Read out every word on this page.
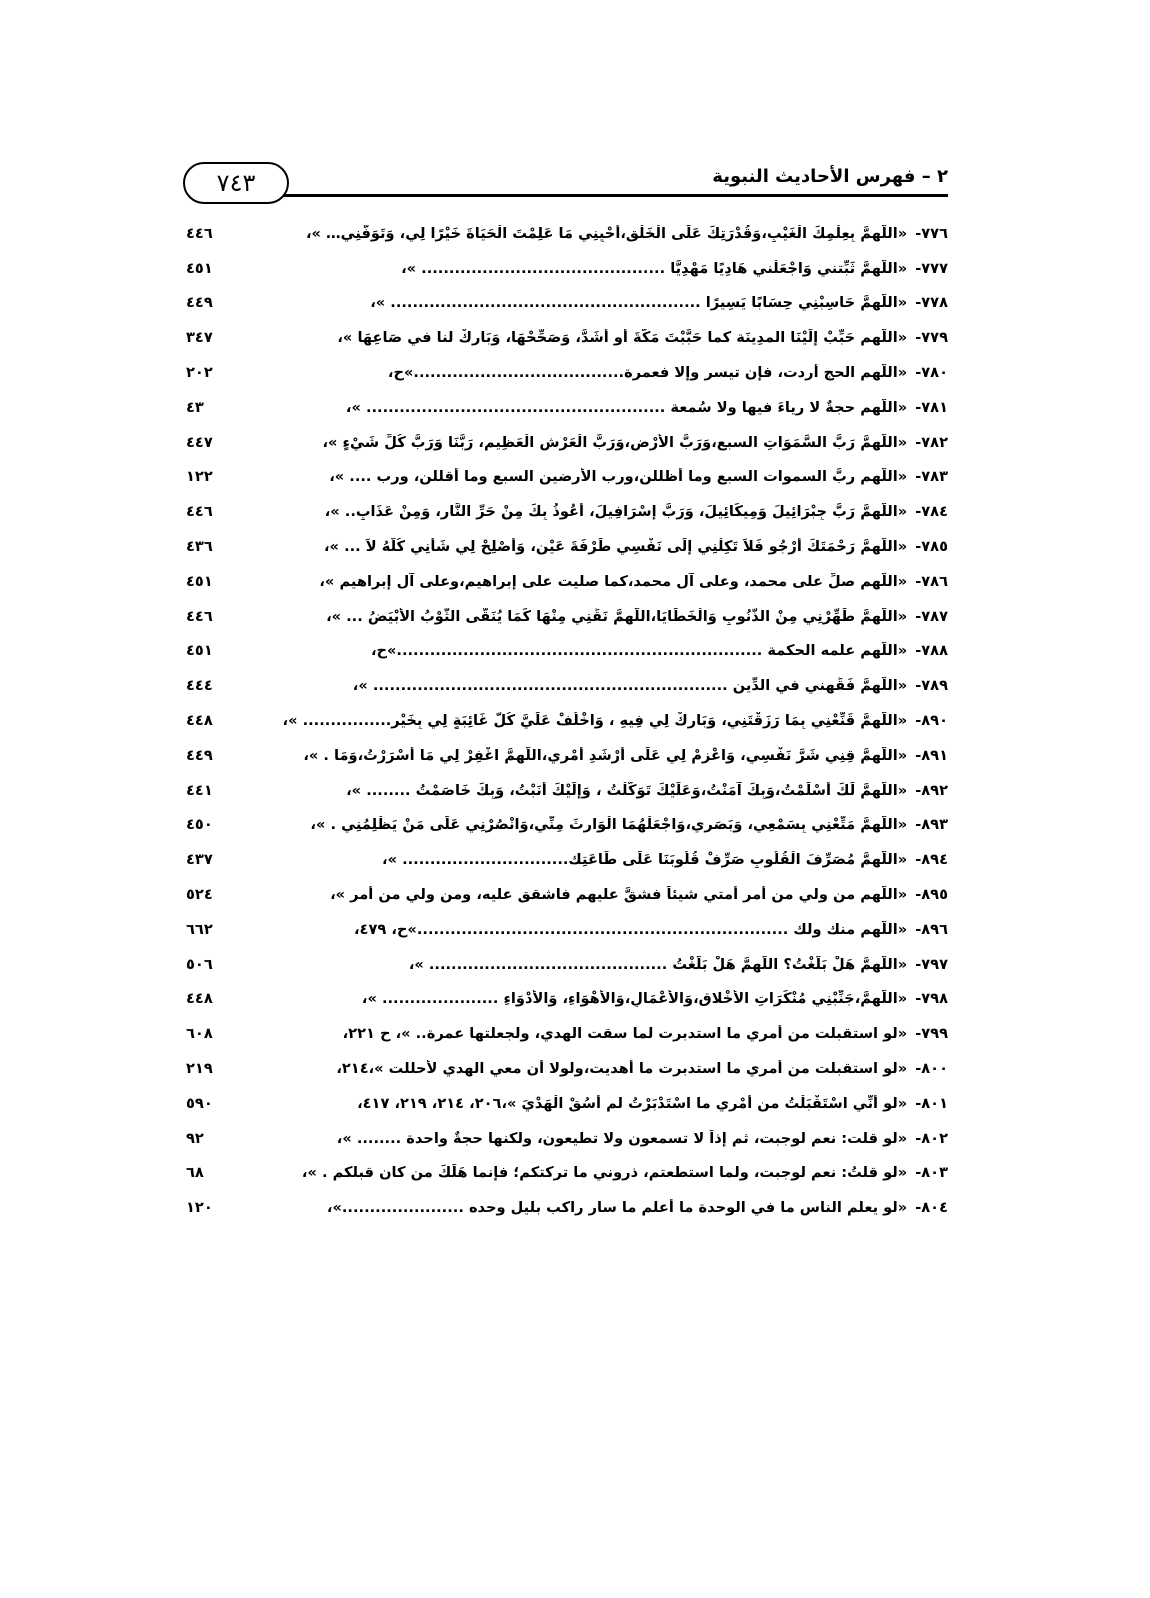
٢ – فهرس الأحاديث النبوية
٧٤٣
٧٧٦-
«اللَّهمَّ بِعِلْمِكَ الْغَيْبِ،وَقُدْرَتِكَ عَلَى الْخَلْقِ،أَحْيِنِي مَا عَلِمْتَ الْحَيَاةَ خَيْرًا لِي، وَتَوَفَّنِي… »،
٤٤٦
٧٧٧-
«اللَّهمَّ ثَبِّتني وَاجْعَلْني هَادِيًا مَهْدِيًّا ............................................ »،
٤٥١
٧٧٨-
«اللَّهمَّ حَاسِبْنِي حِسَابًا يَسِيرًا ........................................................ »،
٤٤٩
٧٧٩-
«اللَّهم حَبِّبْ إِلَيْنَا المدِينَة كما حَبَّبْتَ مَكَّةَ أو أَشَدَّ، وَصَحِّحْهَا، وَبَارِكْ لنا في صَاعِهَا »،
٣٤٧
٧٨٠-
«اللَّهم الحج أردت، فإن تيسر وإلا فعمرة......................................»ح،
٢٠٢
٧٨١-
«اللَّهم حجةٌ لا رياءَ فيها ولا سُمعة ...................................................... »،
٤٣
٧٨٢-
«اللَّهمَّ رَبَّ السَّمَوَاتِ السبع،وَرَبَّ الأَرْضِ،وَرَبَّ الْعَرْشِ الْعَظِيمِ، رَبَّنَا وَرَبَّ كُلِّ شَيْءٍ »،
٤٤٧
٧٨٣-
«اللَّهم ربَّ السموات السبع وما أظللن،ورب الأرضين السبع وما أقللن، ورب .... »،
١٢٢
٧٨٤-
«اللَّهمَّ رَبَّ جِبْرَائِيلَ وَمِيكَائِيلَ، وَرَبَّ إِسْرَافِيلَ، أَعُوذُ بِكَ مِنْ حَرِّ النَّارِ، وَمِنْ عَذَابِ.. »،
٤٤٦
٧٨٥-
«اللَّهمَّ رَحْمَتَكَ أَرْجُو فَلاَ تَكِلْنِي إِلَى نَفْسِي طَرْفَةَ عَيْنٍ، وَأَصْلِحْ لِي شَأْنِي كُلَّهُ لاَ ... »،
٤٣٦
٧٨٦-
«اللَّهم صلِّ على محمد، وعلى آل محمد،كما صليت على إبراهيم،وعلى آل إبراهيم »،
٤٥١
٧٨٧-
«اللَّهمَّ طَهِّرْنِي مِنْ الذُّنُوبِ وَالْخَطَايَا،اللَّهمَّ نَقِّنِي مِنْهَا كَمَا يُنَقَّى الثَّوْبُ الأَبْيَضُ ... »،
٤٤٦
٧٨٨-
«اللَّهم علمه الحكمة ..................................................................»ح،
٤٥١
٧٨٩-
«اللَّهمَّ فَقِّهني في الدِّينِ ................................................................ »،
٤٤٤
٨٩٠-
«اللَّهمَّ قَنِّعْنِي بِمَا رَزَقْتَنِي، وَبَارِكْ لِي فِيهِ ، وَاخْلُفْ عَلَيَّ كُلَّ غَائِبَةٍ لِي بِخَيْرٍ................ »،
٤٤٨
٨٩١-
«اللَّهمَّ قِنِي شَرَّ نَفْسِي، وَاعْزِمْ لِي عَلَى أَرْشَدِ أَمْرِي،اللَّهمَّ اغْفِرْ لِي مَا أَسْرَرْتُ،وَمَا . »،
٤٤٩
٨٩٢-
«اللَّهمَّ لَكَ أَسْلَمْتُ،وَبِكَ آمَنْتُ،وَعَلَيْكَ تَوَكَّلْتُ ، وَإِلَيْكَ أَنَبْتُ، وَبِكَ خَاصَمْتُ ........ »،
٤٤١
٨٩٣-
«اللَّهمَّ مَتِّعْنِي بِسَمْعِي، وَبَصَرِي،وَاجْعَلْهُمَا الْوَارِثَ مِنِّي،وَانْصُرْنِي عَلَى مَنْ يَظْلِمُنِي . »،
٤٥٠
٨٩٤-
«اللَّهمَّ مُصَرِّفَ الْقُلُوبِ صَرِّفْ قُلُوبَنَا عَلَى طَاعَتِك.............................. »،
٤٣٧
٨٩٥-
«اللَّهم من ولي من أمر أمتي شيئاً فشقَّ عليهم فاشقق عليه، ومن ولي من أمر »،
٥٢٤
٨٩٦-
«اللَّهم منك ولك ...................................................................»ح، ٤٧٩،
٦٦٢
٧٩٧-
«اللَّهمَّ هَلْ بَلَّغْتُ؟ اللَّهمَّ هَلْ بَلَّغْتُ ........................................... »،
٥٠٦
٧٩٨-
«اللَّهمَّ،جَنِّبْنِي مُنْكَرَاتِ الأَخْلاقِ،وَالأَعْمَالِ،وَالأَهْوَاءِ، وَالأَدْوَاءِ ..................... »،
٤٤٨
٧٩٩-
«لو استقبلت من أمري ما استدبرت لما سقت الهدي، ولجعلتها عمرة.. »، ح ٢٢١،
٦٠٨
٨٠٠-
«لو استقبلت من أمري ما استدبرت ما أهديت،ولولا أن معي الهدي لأحللت »،٢١٤،
٢١٩
٨٠١-
«لو أَنِّي اسْتَقْبَلْتُ من أَمْرِي ما اسْتَدْبَرْتُ لم أَسُقْ الْهَدْيَ »،٢٠٦، ٢١٤، ٢١٩، ٤١٧،
٥٩٠
٨٠٢-
«لو قلت: نعم لوجبت، ثم إذاً لا تسمعون ولا تطيعون، ولكنها حجةٌ واحدة ........ »،
٩٢
٨٠٣-
«لو قلتُ: نعم لوجبت، ولما استطعتم، ذروني ما تركتكم؛ فإنما هَلَكَ من كان قبلكم . »،
٦٨
٨٠٤-
«لو يعلم الناس ما في الوحدة ما أعلم ما سار راكب بليل وحده ......................»،
١٢٠
